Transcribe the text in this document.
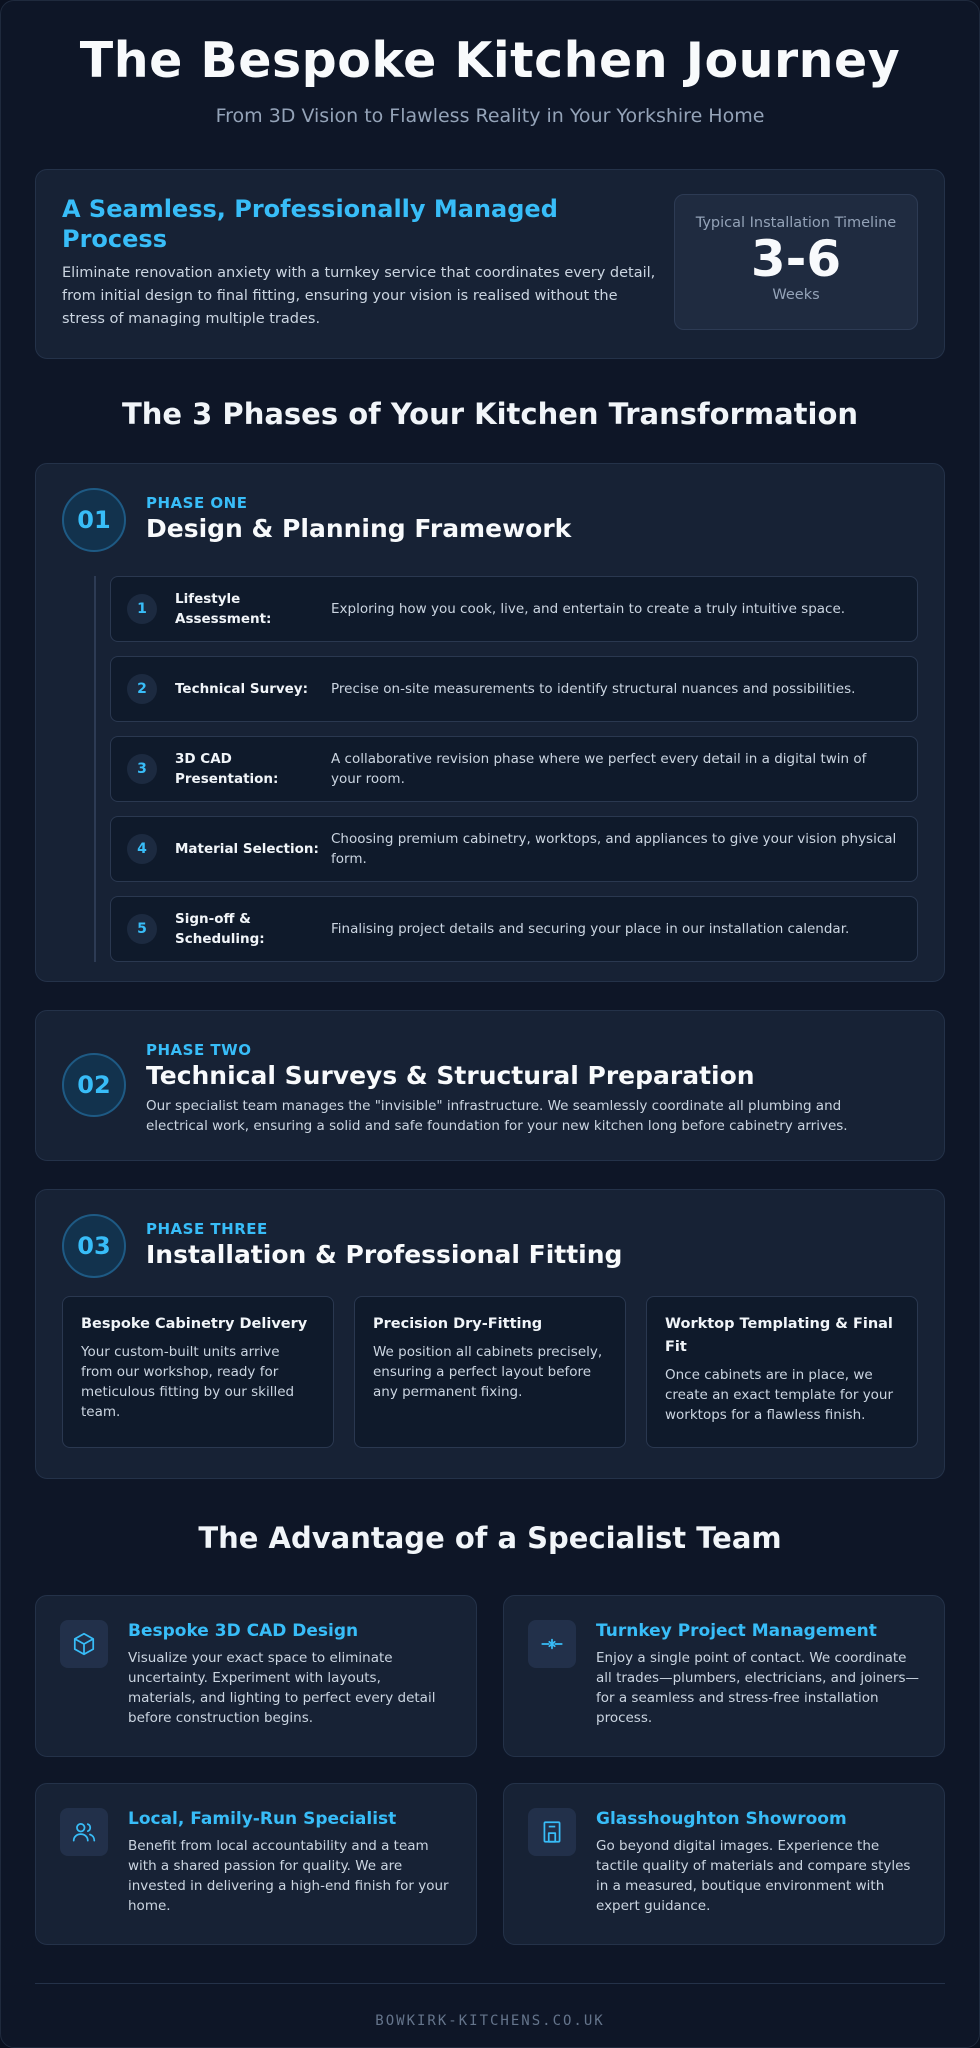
The Bespoke Kitchen Journey

From 3D Vision to Flawless Reality in Your Yorkshire Home

A Seamless, Professionally Managed Process

Eliminate renovation anxiety with a turnkey service that coordinates every detail, from initial design to final fitting, ensuring your vision is realised without the stress of managing multiple trades.

Typical Installation Timeline
3-6
Weeks
The 3 Phases of Your Kitchen Transformation
01
PHASE ONE
Design & Planning Framework
1
Lifestyle Assessment:
Exploring how you cook, live, and entertain to create a truly intuitive space.
2	Technical Survey:	Precise on-site measurements to identify structural nuances and possibilities.
3
3D CAD Presentation:
A collaborative revision phase where we perfect every detail in a digital twin of your room.
4	Material Selection:
Choosing premium cabinetry, worktops, and appliances to give your vision physical form.
5
Sign-off & Scheduling:
Finalising project details and securing your place in our installation calendar.
02
PHASE TWO
Technical Surveys & Structural Preparation
Our specialist team manages the "invisible" infrastructure. We seamlessly coordinate all plumbing and electrical work, ensuring a solid and safe foundation for your new kitchen long before cabinetry arrives.
03
PHASE THREE
Installation & Professional Fitting
Bespoke Cabinetry Delivery

Your custom-built units arrive from our workshop, ready for meticulous fitting by our skilled team.

Precision Dry-Fitting

We position all cabinets precisely, ensuring a perfect layout before any permanent fixing.

Worktop Templating & Final Fit

Once cabinets are in place, we create an exact template for your worktops for a flawless finish.

The Advantage of a Specialist Team
Bespoke 3D CAD Design

Visualize your exact space to eliminate uncertainty. Experiment with layouts, materials, and lighting to perfect every detail before construction begins.

Turnkey Project Management

Enjoy a single point of contact. We coordinate all trades—plumbers, electricians, and joiners—for a seamless and stress-free installation process.

Local, Family-Run Specialist

Benefit from local accountability and a team with a shared passion for quality. We are invested in delivering a high-end finish for your home.

Glasshoughton Showroom

Go beyond digital images. Experience the tactile quality of materials and compare styles in a measured, boutique environment with expert guidance.

BOWKIRK-KITCHENS.CO.UK
